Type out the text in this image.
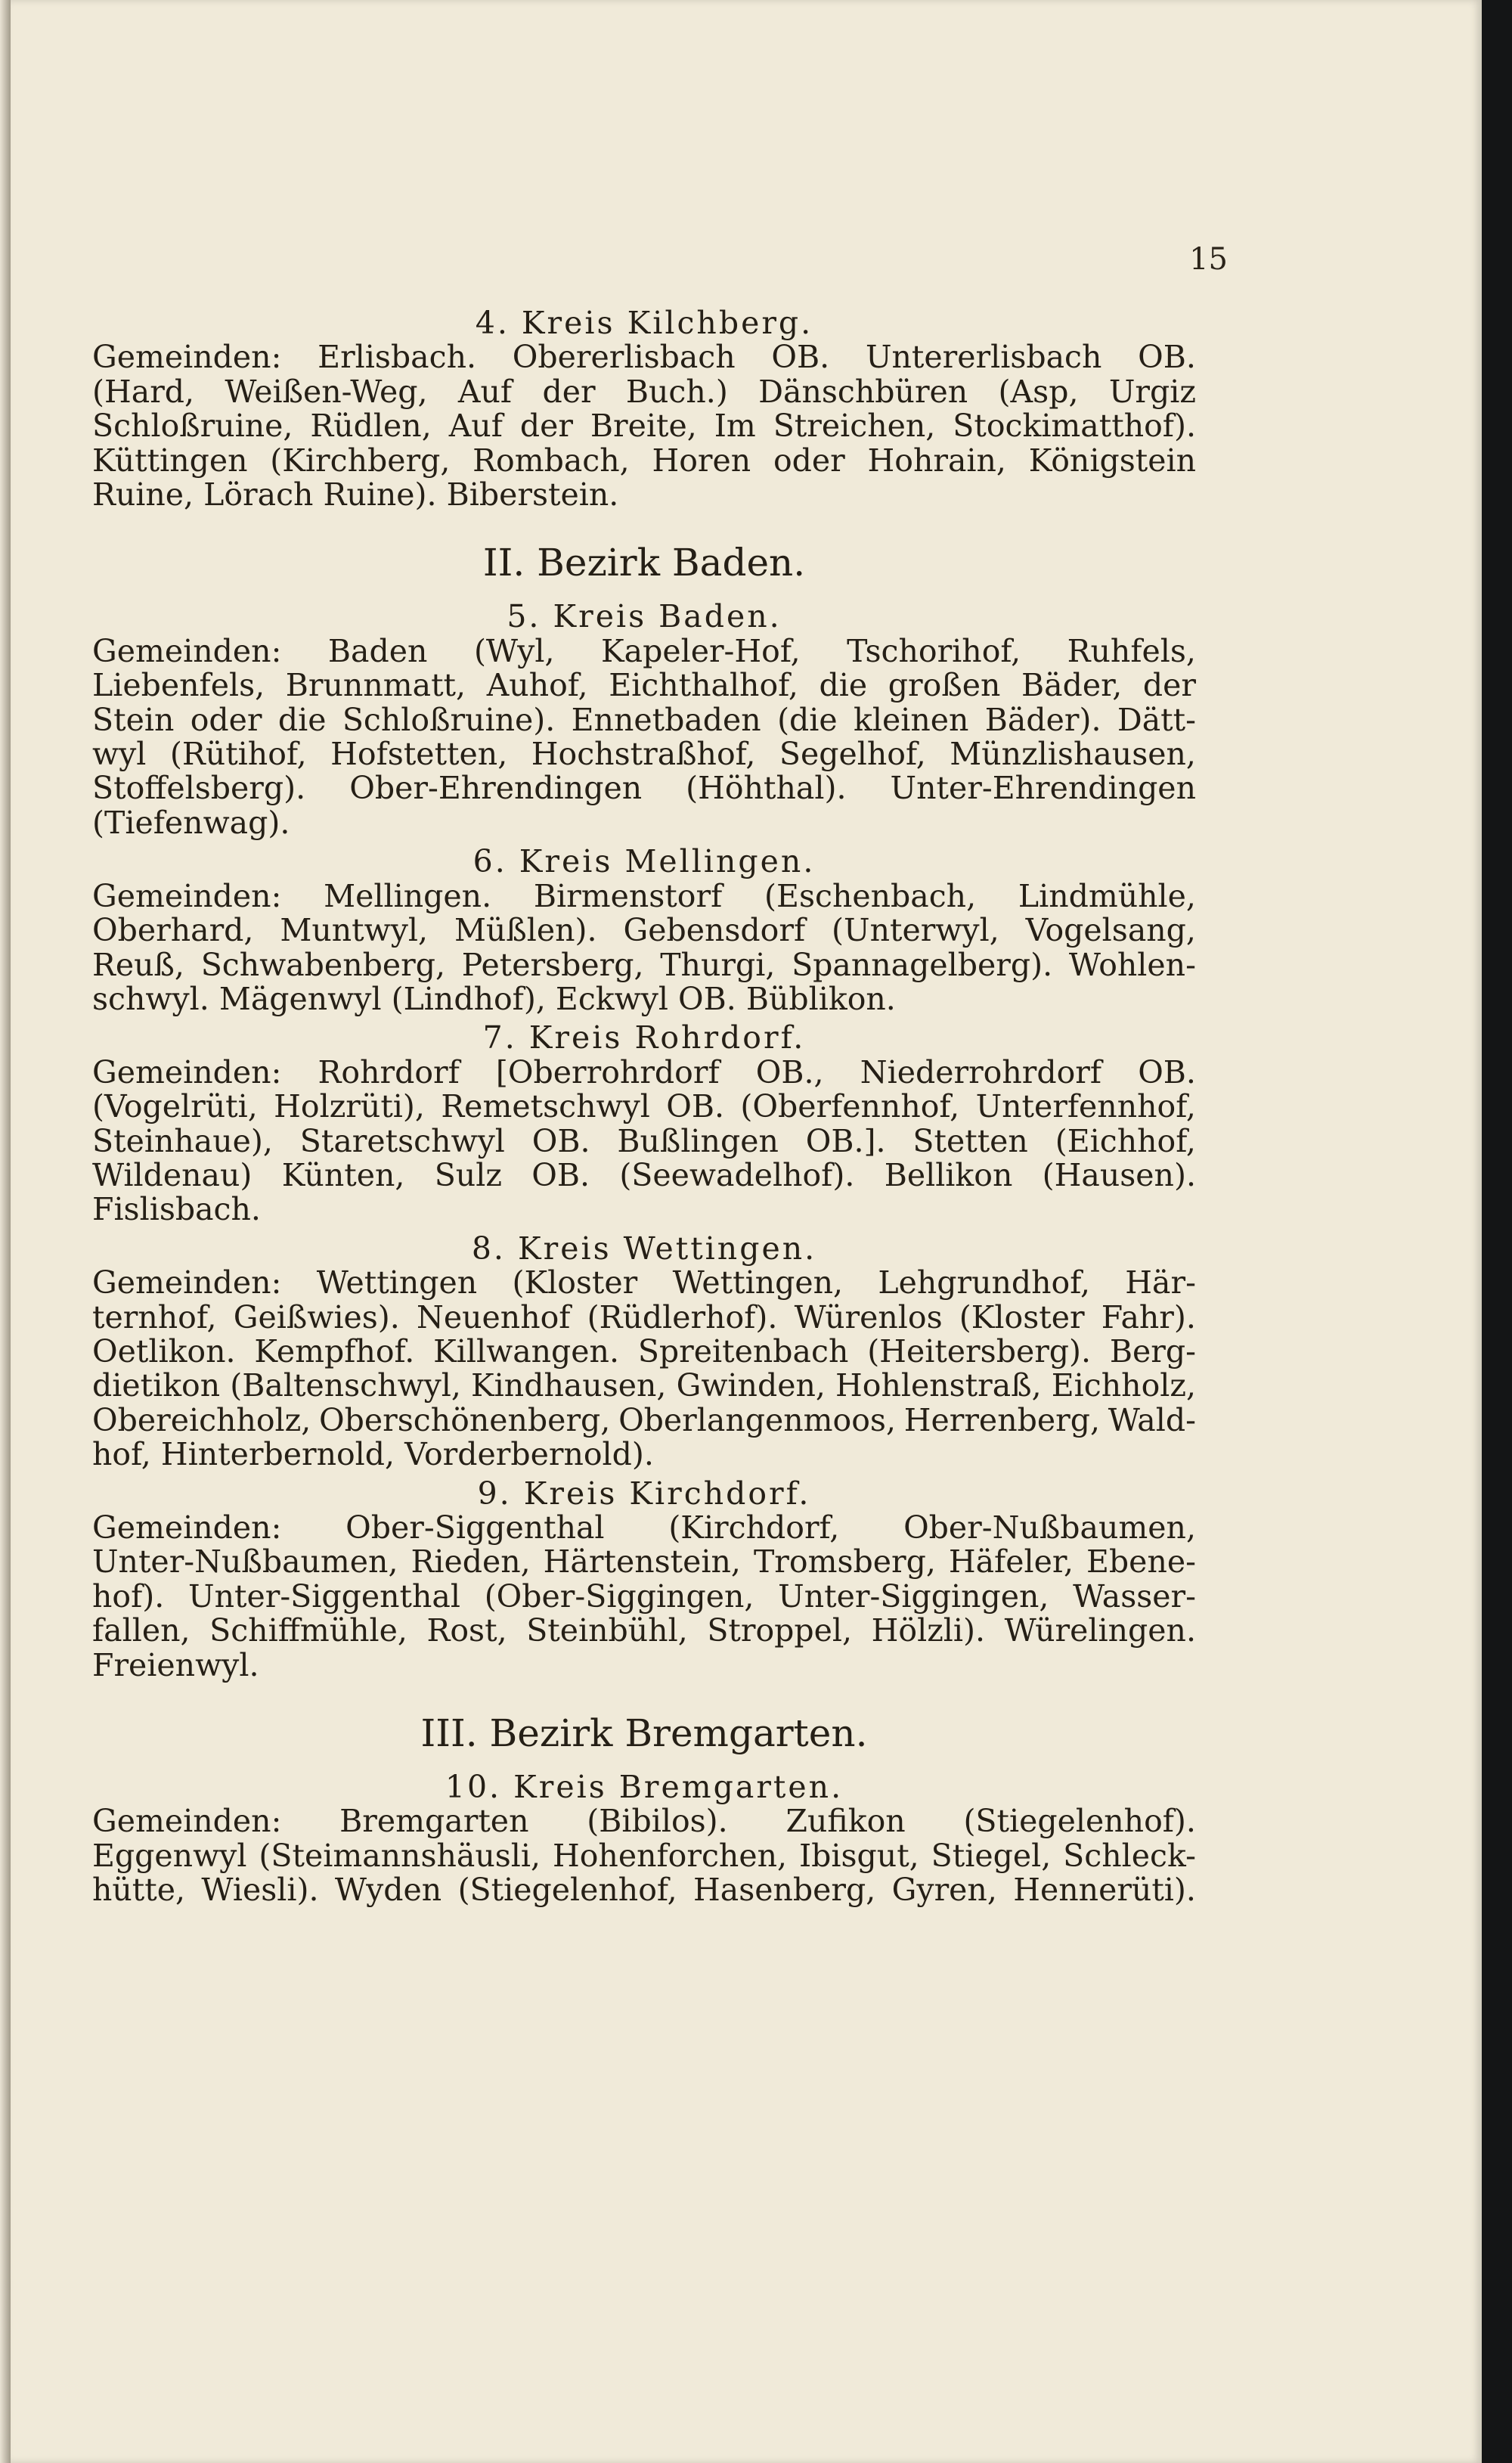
15
4. Kreis Kilchberg.
Gemeinden: Erlisbach. Obererlisbach OB. Untererlisbach OB.
(Hard, Weißen-Weg, Auf der Buch.) Dänschbüren (Asp, Urgiz
Schloßruine, Rüdlen, Auf der Breite, Im Streichen, Stockimatthof).
Küttingen (Kirchberg, Rombach, Horen oder Hohrain, Königstein
Ruine, Lörach Ruine). Biberstein.
II. Bezirk Baden.
5. Kreis Baden.
Gemeinden: Baden (Wyl, Kapeler-Hof, Tschorihof, Ruhfels,
Liebenfels, Brunnmatt, Auhof, Eichthalhof, die großen Bäder, der
Stein oder die Schloßruine). Ennetbaden (die kleinen Bäder). Dätt-
wyl (Rütihof, Hofstetten, Hochstraßhof, Segelhof, Münzlishausen,
Stoffelsberg). Ober-Ehrendingen (Höhthal). Unter-Ehrendingen
(Tiefenwag).
6. Kreis Mellingen.
Gemeinden: Mellingen. Birmenstorf (Eschenbach, Lindmühle,
Oberhard, Muntwyl, Müßlen). Gebensdorf (Unterwyl, Vogelsang,
Reuß, Schwabenberg, Petersberg, Thurgi, Spannagelberg). Wohlen-
schwyl. Mägenwyl (Lindhof), Eckwyl OB. Büblikon.
7. Kreis Rohrdorf.
Gemeinden: Rohrdorf [Oberrohrdorf OB., Niederrohrdorf OB.
(Vogelrüti, Holzrüti), Remetschwyl OB. (Oberfennhof, Unterfennhof,
Steinhaue), Staretschwyl OB. Bußlingen OB.]. Stetten (Eichhof,
Wildenau) Künten, Sulz OB. (Seewadelhof). Bellikon (Hausen).
Fislisbach.
8. Kreis Wettingen.
Gemeinden: Wettingen (Kloster Wettingen, Lehgrundhof, Här-
ternhof, Geißwies). Neuenhof (Rüdlerhof). Würenlos (Kloster Fahr).
Oetlikon. Kempfhof. Killwangen. Spreitenbach (Heitersberg). Berg-
dietikon (Baltenschwyl, Kindhausen, Gwinden, Hohlenstraß, Eichholz,
Obereichholz, Oberschönenberg, Oberlangenmoos, Herrenberg, Wald-
hof, Hinterbernold, Vorderbernold).
9. Kreis Kirchdorf.
Gemeinden: Ober-Siggenthal (Kirchdorf, Ober-Nußbaumen,
Unter-Nußbaumen, Rieden, Härtenstein, Tromsberg, Häfeler, Ebene-
hof). Unter-Siggenthal (Ober-Siggingen, Unter-Siggingen, Wasser-
fallen, Schiffmühle, Rost, Steinbühl, Stroppel, Hölzli). Würelingen.
Freienwyl.
III. Bezirk Bremgarten.
10. Kreis Bremgarten.
Gemeinden: Bremgarten (Bibilos). Zufikon (Stiegelenhof).
Eggenwyl (Steimannshäusli, Hohenforchen, Ibisgut, Stiegel, Schleck-
hütte, Wiesli). Wyden (Stiegelenhof, Hasenberg, Gyren, Hennerüti).
